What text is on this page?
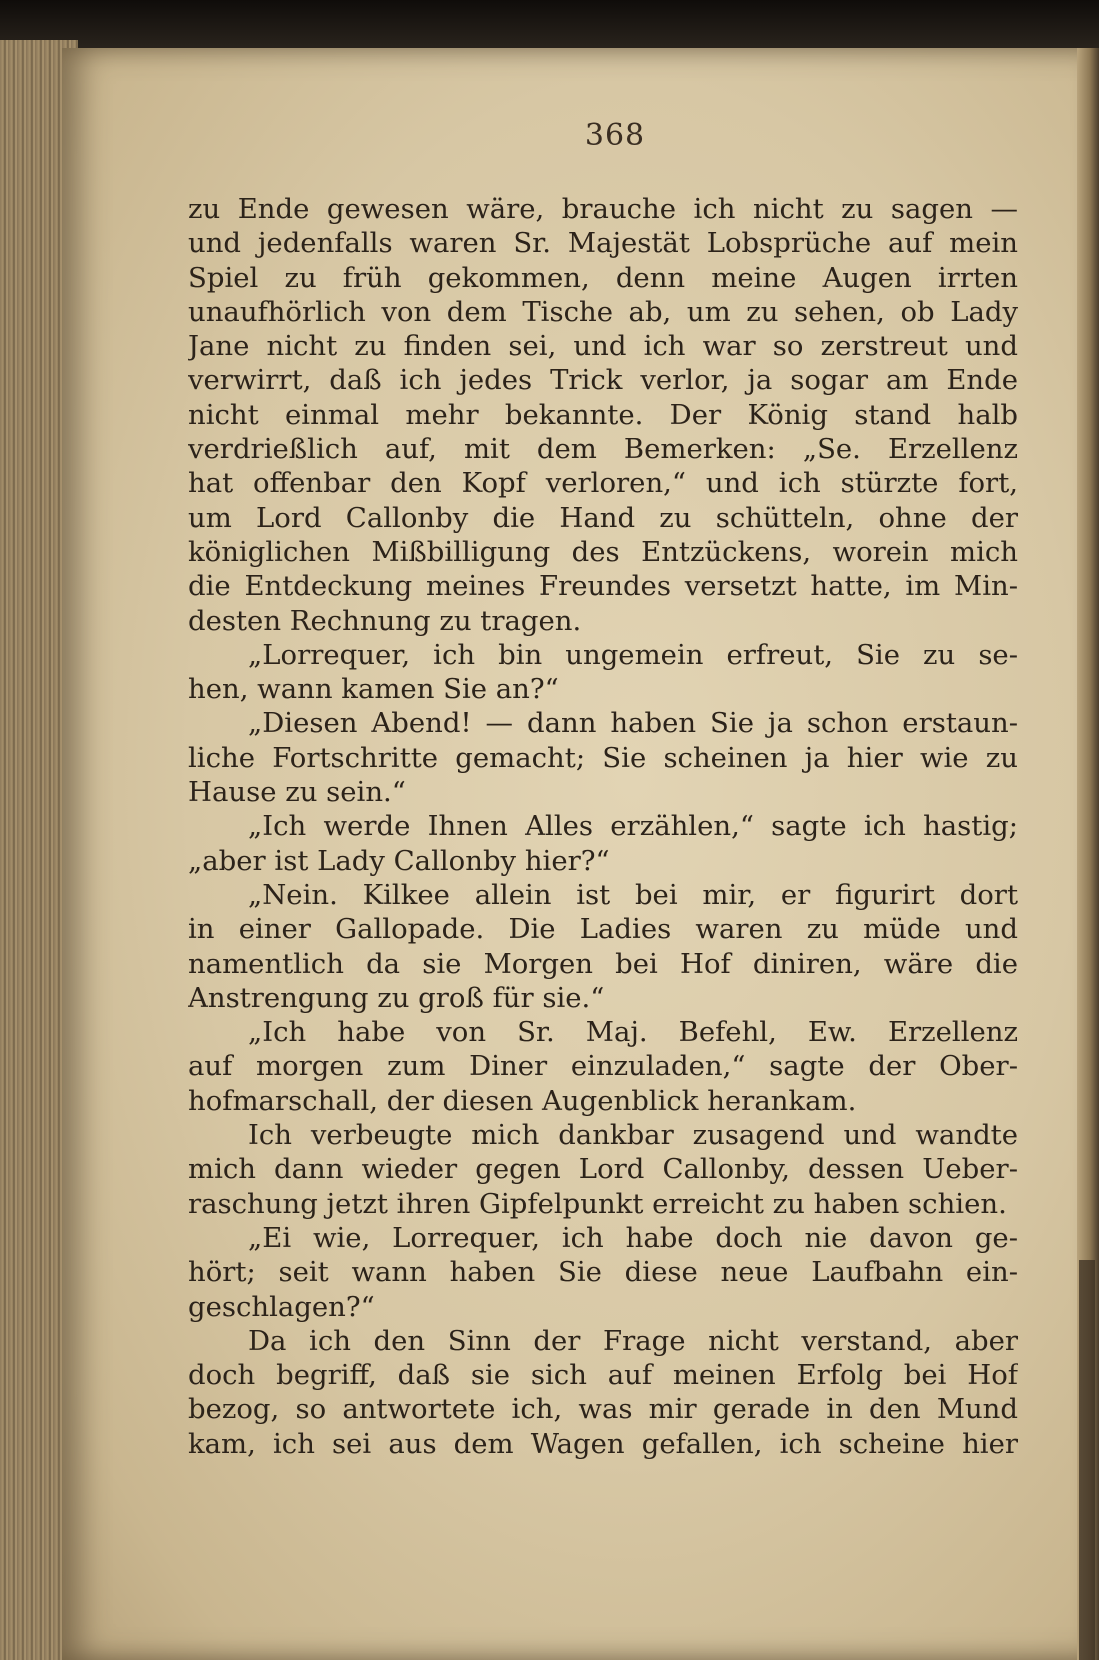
368
zu Ende gewesen wäre, brauche ich nicht zu sagen —
und jedenfalls waren Sr. Majestät Lobsprüche auf mein
Spiel zu früh gekommen, denn meine Augen irrten
unaufhörlich von dem Tische ab, um zu sehen, ob Lady
Jane nicht zu finden sei, und ich war so zerstreut und
verwirrt, daß ich jedes Trick verlor, ja sogar am Ende
nicht einmal mehr bekannte. Der König stand halb
verdrießlich auf, mit dem Bemerken: „Se. Erzellenz
hat offenbar den Kopf verloren,“ und ich stürzte fort,
um Lord Callonby die Hand zu schütteln, ohne der
königlichen Mißbilligung des Entzückens, worein mich
die Entdeckung meines Freundes versetzt hatte, im Min-
desten Rechnung zu tragen.
„Lorrequer, ich bin ungemein erfreut, Sie zu se-
hen, wann kamen Sie an?“
„Diesen Abend! — dann haben Sie ja schon erstaun-
liche Fortschritte gemacht; Sie scheinen ja hier wie zu
Hause zu sein.“
„Ich werde Ihnen Alles erzählen,“ sagte ich hastig;
„aber ist Lady Callonby hier?“
„Nein. Kilkee allein ist bei mir, er figurirt dort
in einer Gallopade. Die Ladies waren zu müde und
namentlich da sie Morgen bei Hof diniren, wäre die
Anstrengung zu groß für sie.“
„Ich habe von Sr. Maj. Befehl, Ew. Erzellenz
auf morgen zum Diner einzuladen,“ sagte der Ober-
hofmarschall, der diesen Augenblick herankam.
Ich verbeugte mich dankbar zusagend und wandte
mich dann wieder gegen Lord Callonby, dessen Ueber-
raschung jetzt ihren Gipfelpunkt erreicht zu haben schien.
„Ei wie, Lorrequer, ich habe doch nie davon ge-
hört; seit wann haben Sie diese neue Laufbahn ein-
geschlagen?“
Da ich den Sinn der Frage nicht verstand, aber
doch begriff, daß sie sich auf meinen Erfolg bei Hof
bezog, so antwortete ich, was mir gerade in den Mund
kam, ich sei aus dem Wagen gefallen, ich scheine hier
